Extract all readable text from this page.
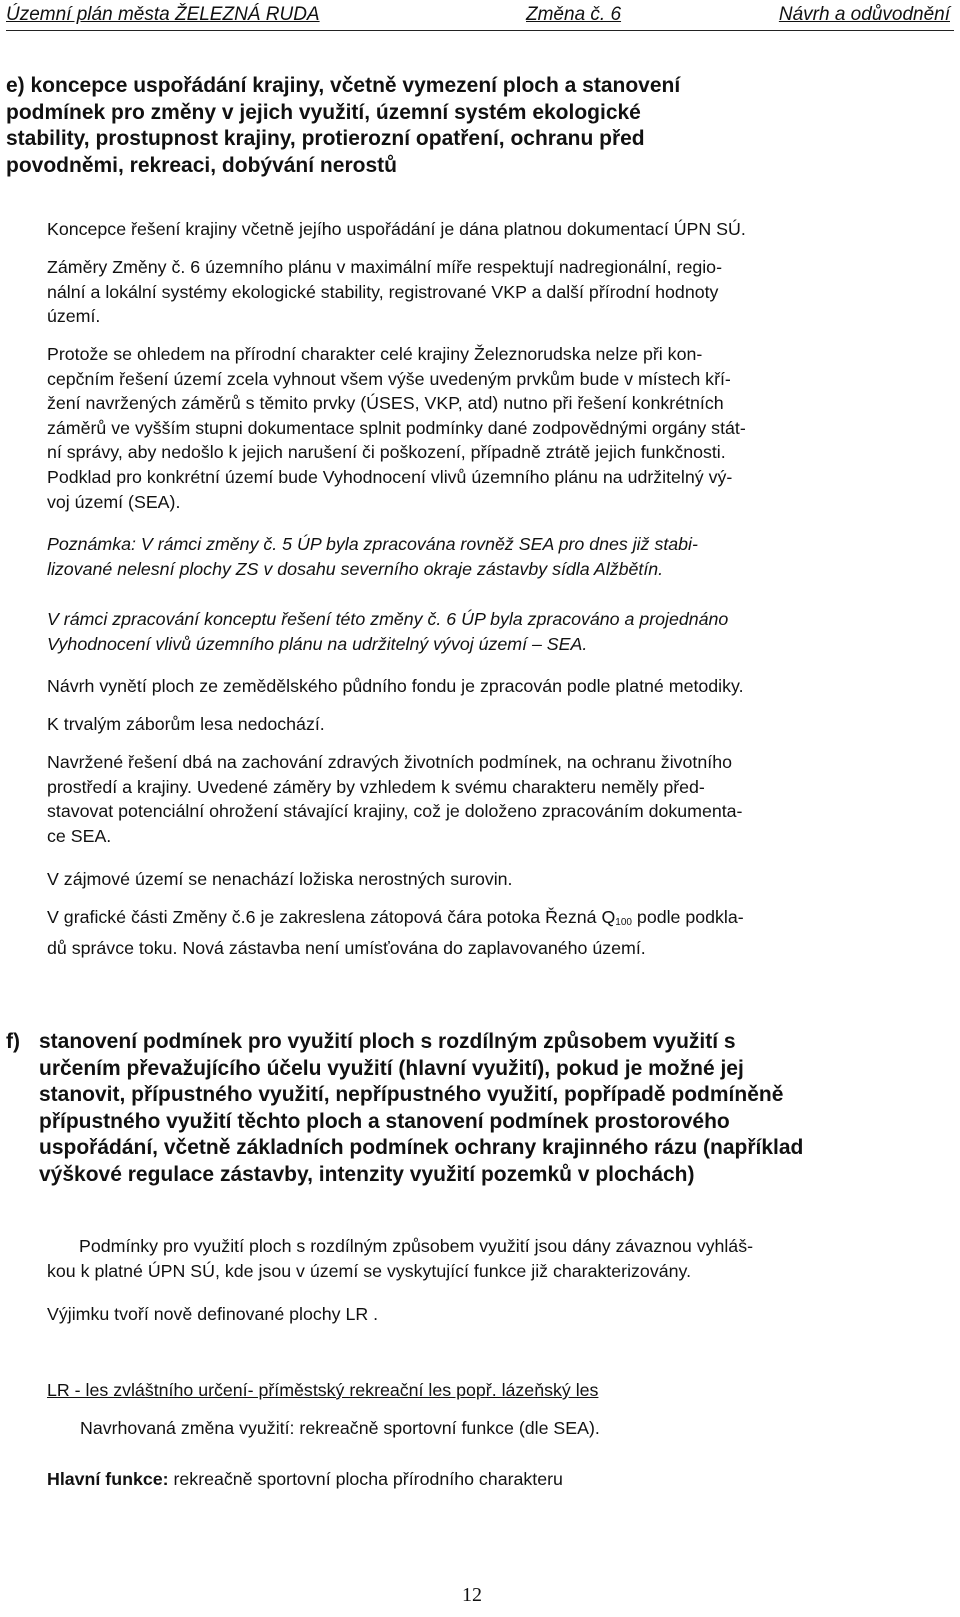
Územní plán města ŽELEZNÁ RUDA	Změna č. 6	Návrh a odůvodnění
e) koncepce uspořádání krajiny, včetně vymezení ploch a stanovení
podmínek pro změny v jejich využití, územní systém ekologické
stability, prostupnost krajiny, protierozní opatření, ochranu před
povodněmi, rekreaci, dobývání nerostů

Koncepce řešení krajiny včetně jejího uspořádání je dána platnou dokumentací ÚPN SÚ.

Záměry Změny č. 6 územního plánu v maximální míře respektují nadregionální, regio-
nální a lokální systémy ekologické stability, registrované VKP a další přírodní hodnoty
území.

Protože se ohledem na přírodní charakter celé krajiny Železnorudska nelze při kon-
cepčním řešení území zcela vyhnout všem výše uvedeným prvkům bude v místech kří-
žení navržených záměrů s těmito prvky (ÚSES, VKP, atd) nutno při řešení konkrétních
záměrů ve vyšším stupni dokumentace splnit podmínky dané zodpovědnými orgány stát-
ní správy, aby nedošlo k jejich narušení či poškození, případně ztrátě jejich funkčnosti.
Podklad pro konkrétní území bude Vyhodnocení vlivů územního plánu na udržitelný vý-
voj území (SEA).

Poznámka: V rámci změny č. 5 ÚP byla zpracována rovněž SEA pro dnes již stabi-
lizované nelesní plochy ZS v dosahu severního okraje zástavby sídla Alžbětín.

V rámci zpracování konceptu řešení této změny č. 6 ÚP byla zpracováno a projednáno
Vyhodnocení vlivů územního plánu na udržitelný vývoj území – SEA.

Návrh vynětí ploch ze zemědělského půdního fondu je zpracován podle platné metodiky.

K trvalým záborům lesa nedochází.

Navržené řešení dbá na zachování zdravých životních podmínek, na ochranu životního
prostředí a krajiny. Uvedené záměry by vzhledem k svému charakteru neměly před-
stavovat potenciální ohrožení stávající krajiny, což je doloženo zpracováním dokumenta-
ce SEA.

V zájmové území se nenachází ložiska nerostných surovin.

V grafické části Změny č.6 je zakreslena zátopová čára potoka Řezná $Q_{100}$ podle podkla-
dů správce toku. Nová zástavba není umísťována do zaplavovaného území.

f) stanovení podmínek pro využití ploch s rozdílným způsobem využití s
určením převažujícího účelu využití (hlavní využití), pokud je možné jej
stanovit, přípustného využití, nepřípustného využití, popřípadě podmíněně
přípustného využití těchto ploch a stanovení podmínek prostorového
uspořádání, včetně základních podmínek ochrany krajinného rázu (například
výškové regulace zástavby, intenzity využití pozemků v plochách)

Podmínky pro využití ploch s rozdílným způsobem využití jsou dány závaznou vyhláš-
kou k platné ÚPN SÚ, kde jsou v území se vyskytující funkce již charakterizovány.

Výjimku tvoří nově definované plochy LR .

LR - les zvláštního určení- příměstský rekreační les popř. lázeňský les

Navrhovaná změna využití: rekreačně sportovní funkce (dle SEA).

Hlavní funkce: rekreačně sportovní plocha přírodního charakteru

12
